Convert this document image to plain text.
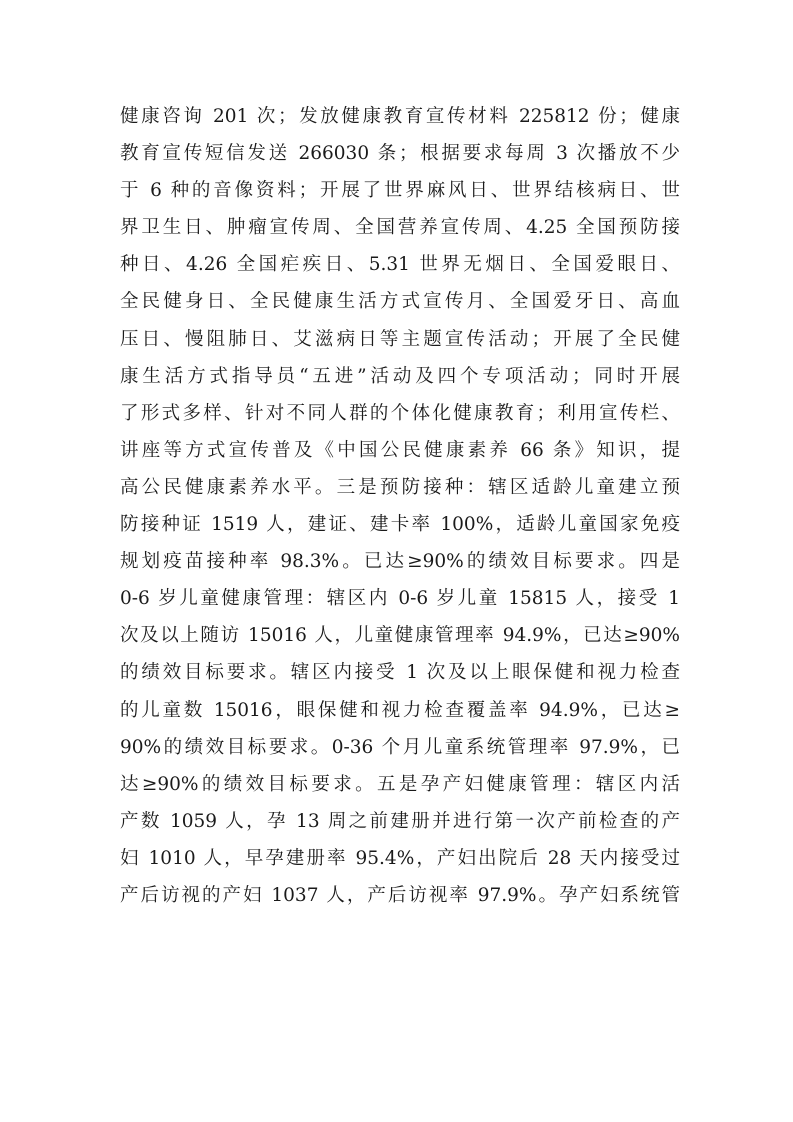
健康咨询 201 次；发放健康教育宣传材料 225812 份；健康
教育宣传短信发送 266030 条；根据要求每周 3 次播放不少
于 6 种的音像资料；开展了世界麻风日、世界结核病日、世
界卫生日、肿瘤宣传周、全国营养宣传周、4.25 全国预防接
种日、4.26 全国疟疾日、5.31 世界无烟日、全国爱眼日、
全民健身日、全民健康生活方式宣传月、全国爱牙日、高血
压日、慢阻肺日、艾滋病日等主题宣传活动；开展了全民健
康生活方式指导员“五进”活动及四个专项活动；同时开展
了形式多样、针对不同人群的个体化健康教育；利用宣传栏、
讲座等方式宣传普及《中国公民健康素养 66 条》知识，提
高公民健康素养水平。三是预防接种：辖区适龄儿童建立预
防接种证 1519 人，建证、建卡率 100%，适龄儿童国家免疫
规划疫苗接种率 98.3%。已达≥90%的绩效目标要求。四是
0-6 岁儿童健康管理：辖区内 0-6 岁儿童 15815 人，接受 1
次及以上随访 15016 人，儿童健康管理率 94.9%，已达≥90%
的绩效目标要求。辖区内接受 1 次及以上眼保健和视力检查
的儿童数 15016，眼保健和视力检查覆盖率 94.9%，已达≥
90%的绩效目标要求。0-36 个月儿童系统管理率 97.9%，已
达≥90%的绩效目标要求。五是孕产妇健康管理：辖区内活
产数 1059 人，孕 13 周之前建册并进行第一次产前检查的产
妇 1010 人，早孕建册率 95.4%，产妇出院后 28 天内接受过
产后访视的产妇 1037 人，产后访视率 97.9%。孕产妇系统管
